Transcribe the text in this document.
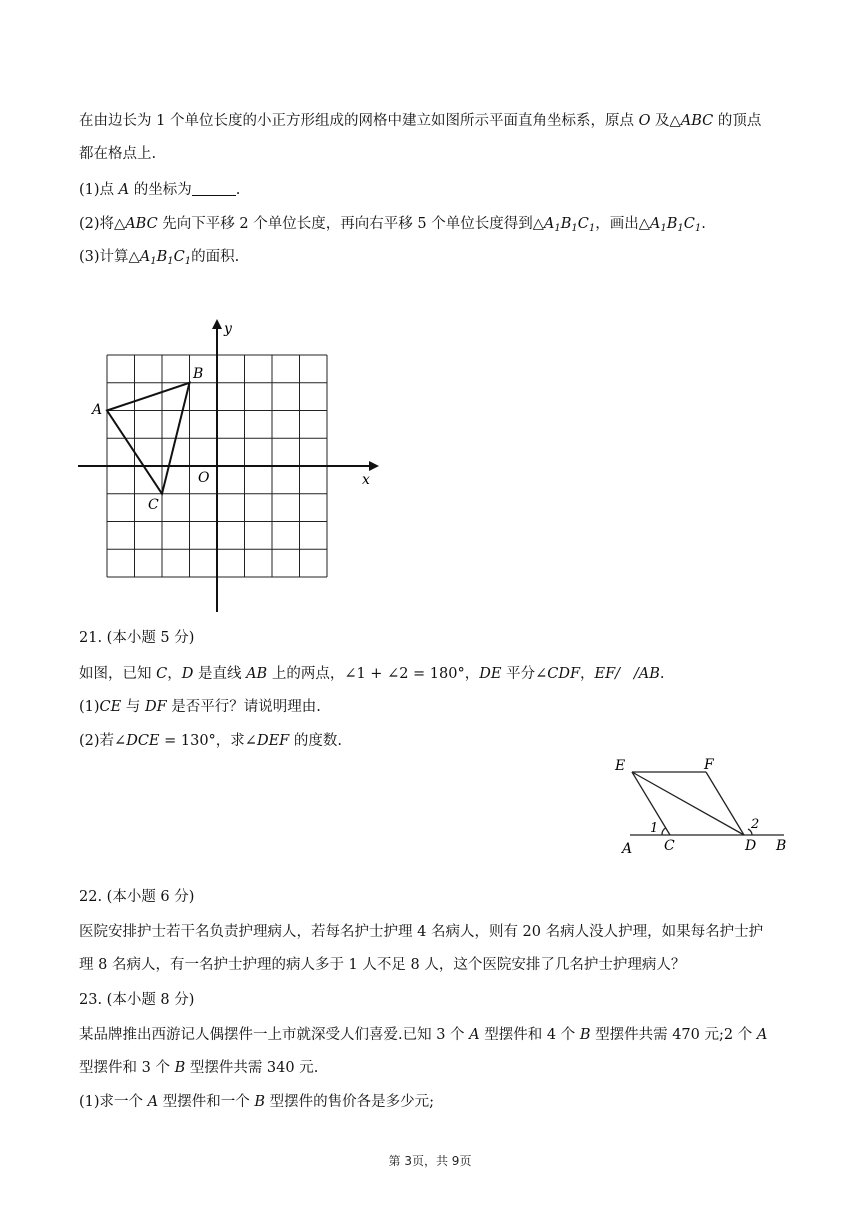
在由边长为 1 个单位长度的小正方形组成的网格中建立如图所示平面直角坐标系，原点 O 及△ABC 的顶点
都在格点上.
(1)点 A 的坐标为	.
(2)将△ABC 先向下平移 2 个单位长度，再向右平移 5 个单位长度得到$\triangle A_1B_1C_1$，画出$\triangle A_1B_1C_1$.
(3)计算$\triangle A_1B_1C_1$的面积.
y
x
O
A
B
C
E	F
1	2
A C	D B
21. (本小题 5 分)
如图，已知 C，D 是直线 AB 上的两点，∠1 + ∠2 = 180°，DE 平分∠CDF，EF/   /AB.
(1)CE 与 DF 是否平行？请说明理由.
(2)若∠DCE = 130°，求∠DEF 的度数.
22. (本小题 6 分)
医院安排护士若干名负责护理病人，若每名护士护理 4 名病人，则有 20 名病人没人护理，如果每名护士护
理 8 名病人，有一名护士护理的病人多于 1 人不足 8 人，这个医院安排了几名护士护理病人？
23. (本小题 8 分)
某品牌推出西游记人偶摆件一上市就深受人们喜爱.已知 3 个 A 型摆件和 4 个 B 型摆件共需 470 元;2 个 A
型摆件和 3 个 B 型摆件共需 340 元.
(1)求一个 A 型摆件和一个 B 型摆件的售价各是多少元;
第 3页，共 9页
